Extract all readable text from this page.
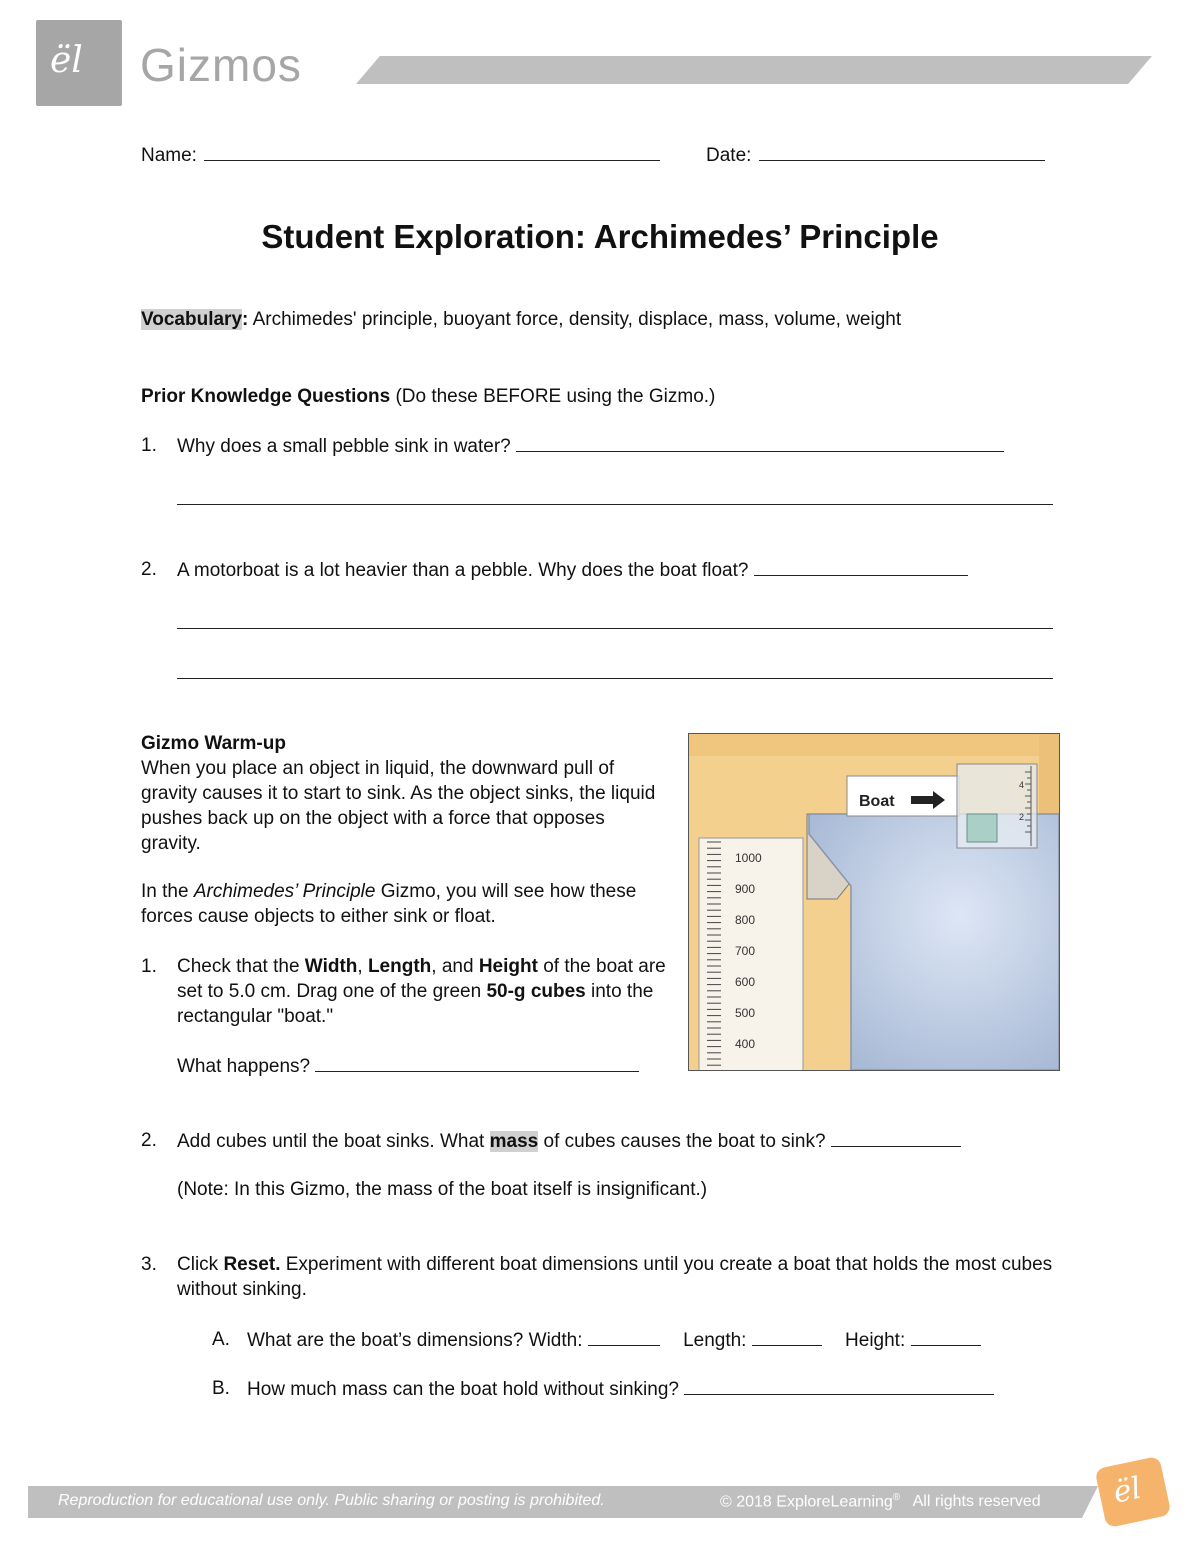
ël Gizmos
Name:	Date:
Student Exploration: Archimedes’ Principle
Vocabulary: Archimedes' principle, buoyant force, density, displace, mass, volume, weight
Prior Knowledge Questions (Do these BEFORE using the Gizmo.)
1. Why does a small pebble sink in water?
2. A motorboat is a lot heavier than a pebble. Why does the boat float?
Gizmo Warm-up
When you place an object in liquid, the downward pull of gravity causes it to start to sink. As the object sinks, the liquid pushes back up on the object with a force that opposes gravity.
In the Archimedes’ Principle Gizmo, you will see how these forces cause objects to either sink or float.
1. Check that the Width, Length, and Height of the boat are set to 5.0 cm. Drag one of the green 50-g cubes into the rectangular "boat."
What happens?
Boat
4
2
1000
900
800
700
600
500
400
2. Add cubes until the boat sinks. What mass of cubes causes the boat to sink?
(Note: In this Gizmo, the mass of the boat itself is insignificant.)
3. Click Reset. Experiment with different boat dimensions until you create a boat that holds the most cubes without sinking.
A. What are the boat’s dimensions? Width:	Length:	Height:
B. How much mass can the boat hold without sinking?
Reproduction for educational use only. Public sharing or posting is prohibited.	© 2018 ExploreLearning® All rights reserved ël
